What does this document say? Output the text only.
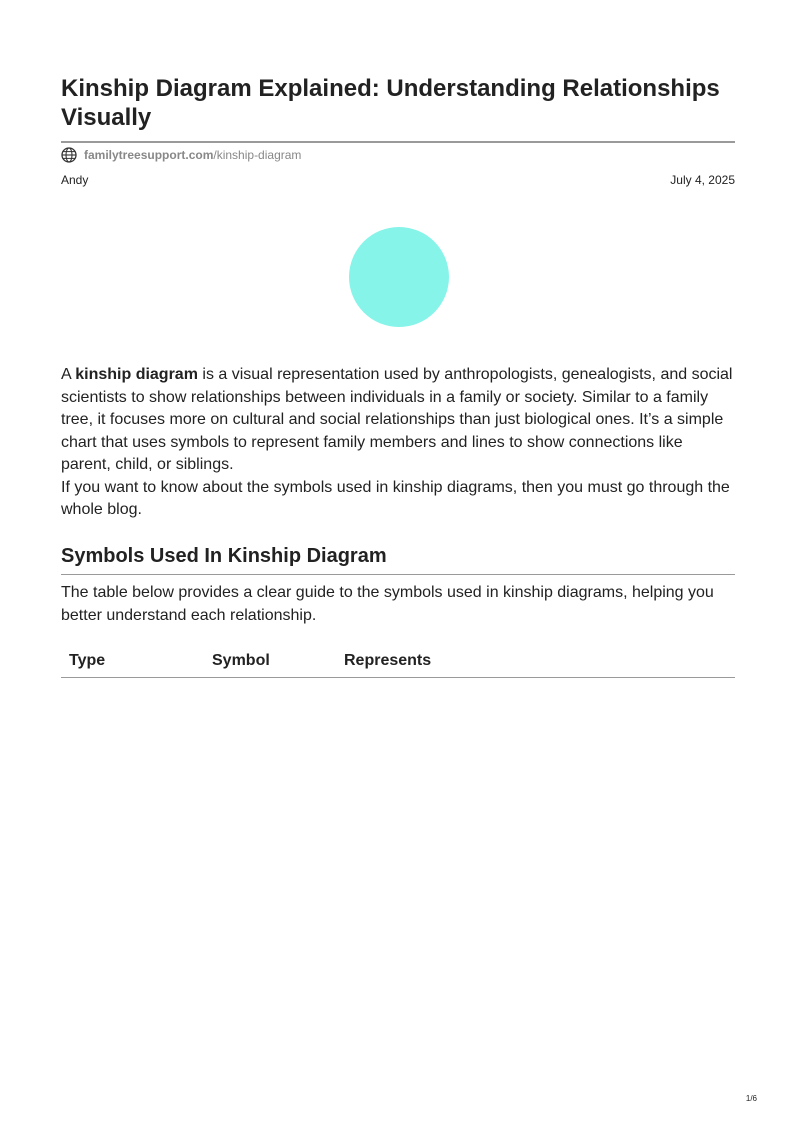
Kinship Diagram Explained: Understanding Relationships Visually
familytreesupport.com /kinship-diagram
Andy	July 4, 2025

A kinship diagram is a visual representation used by anthropologists, genealogists, and social scientists to show relationships between individuals in a family or society. Similar to a family tree, it focuses more on cultural and social relationships than just biological ones. It’s a simple chart that uses symbols to represent family members and lines to show connections like parent, child, or siblings.

If you want to know about the symbols used in kinship diagrams, then you must go through the whole blog.

Symbols Used In Kinship Diagram

The table below provides a clear guide to the symbols used in kinship diagrams, helping you better understand each relationship.

Type	Symbol	Represents
1/6
